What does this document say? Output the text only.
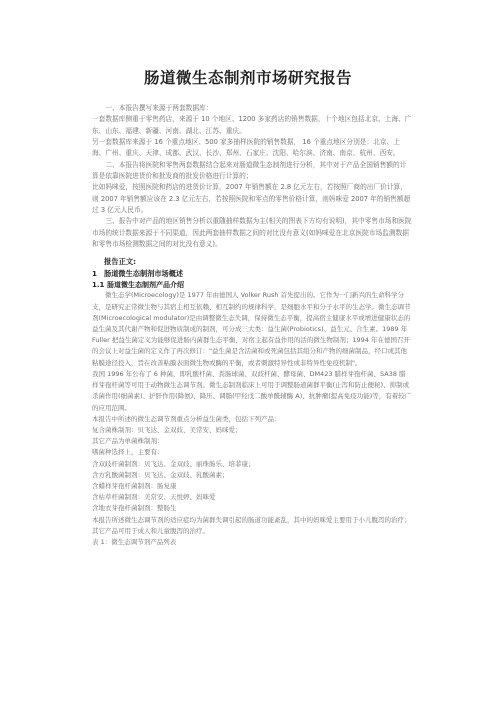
肠道微生态制剂市场研究报告

一、本报告撰写来源于两套数据库：

一套数据库侧重于零售药店，来源于 10 个地区、1200 多家药店的销售数据，十个地区包括北京、上海、广东、山东、福建、新疆、河南、湖北、江苏、重庆。

另一套数据库来源于 16 个重点地区、500 家多抽样医院的销售数据， 16 个重点地区分别是：北京、上海、广州、重庆、天津、成都、武汉、长沙、郑州、石家庄、沈阳、哈尔滨、济南、南京、杭州、西安。

二、本报告将医院和零售两套数据结合起来对肠道微生态制剂进行分析，其中对于产品全国销售额的计算是依靠医院进货价和批发商的批发价格进行计算的；

比如妈咪爱，按照医院和药店的进货价计算，2007 年销售额在 2.8 亿元左右，若按照厂商的出厂价计算，则 2007 年销售额应该在 2.3 亿元左右，若按照医院和零点的零售价格计算，则妈咪爱 2007 年的销售额超过 3 亿元人民币。

三、报告中对产品的地区销售分析以重随抽样数据为主(相关的图表下方均有说明)，其中零售市场和医院市场的统计数据来源于不同渠道，因此两套抽样数据之间的对比没有意义(如妈咪爱在北京医院市场监测数据和零售市场检测数据之间的对比没有意义)。

报告正文:
1 肠道微生态制剂市场概述
1.1 肠道微生态制剂产品介绍

微生态学(Microecology)是 1977 年由德国人 Volker Rush 首先提出的。它作为一门新兴的生命科学分支，是研究正常微生物与其宿主相互依赖、相互制约的规律科学，是细胞水平和分子水平的生态学。微生态调节剂(Microecological modulator)是由调整微生态失调，保持微生态平衡，提高宿主健康水平或增进健康状态的益生菌及其代谢产物和促进物质制成的制剂，可分成三大类：益生菌(Probiotics)、益生元、合生素。1989 年 Fuller 把益生菌定义为能够促进肠内菌群生态平衡，对宿主起有益作用的活的微生物制剂；1994 年在德国召开的会议上对益生菌的定义作了再次修订："益生菌是含活菌和或死菌包括其组分和产物的细菌制品，经口或其他粘膜途径投入，旨在改善粘膜表面微生物或酶的平衡，或者刺激特异性或非特异性免疫机制"。

我国 1996 年公布了 6 种菌，即乳酸杆菌、粪肠球菌、双歧杆菌、酵母菌、DM423 腊样芽孢杆菌、SA38 腊样芽孢杆菌等可用于动物微生态调节剂。微生态制剂临床上可用于调整肠道菌群平衡(止泻和防止便秘)、抑制或杀菌作用(细菌素)、护肝作用(降氨)、降压、调脂(甲羟戊二酸单酰辅酶 A)、抗肿瘤(提高免疫功能)等，有着较广的应用范围。

本报告中所述的微生态调节剂重点分析益生菌类，包括下列产品：

复合菌株制剂：贝飞达、金双歧、美常安、妈咪爱；

其它产品为单菌株制剂：

嗜菌种选择上，主要有：

含双歧杆菌制剂：贝飞达、金双歧、丽珠肠乐、培菲康；

含方乳酸菌制剂：贝飞达、金双歧、乳酸菌素；

含蜡样芽孢杆菌制剂：肠复康

含枯草杆菌制剂：美常安、天悦婷、妈咪爱

含地衣芽孢杆菌制剂：整肠生

本报告所述微生态调节剂的适应症均为菌群失调引起的肠道功能紊乱，其中的妈咪爱主要用于小儿腹泻的治疗；其它产品可用于成人和儿童腹泻的治疗。

表 1：微生态调节剂产品列表
